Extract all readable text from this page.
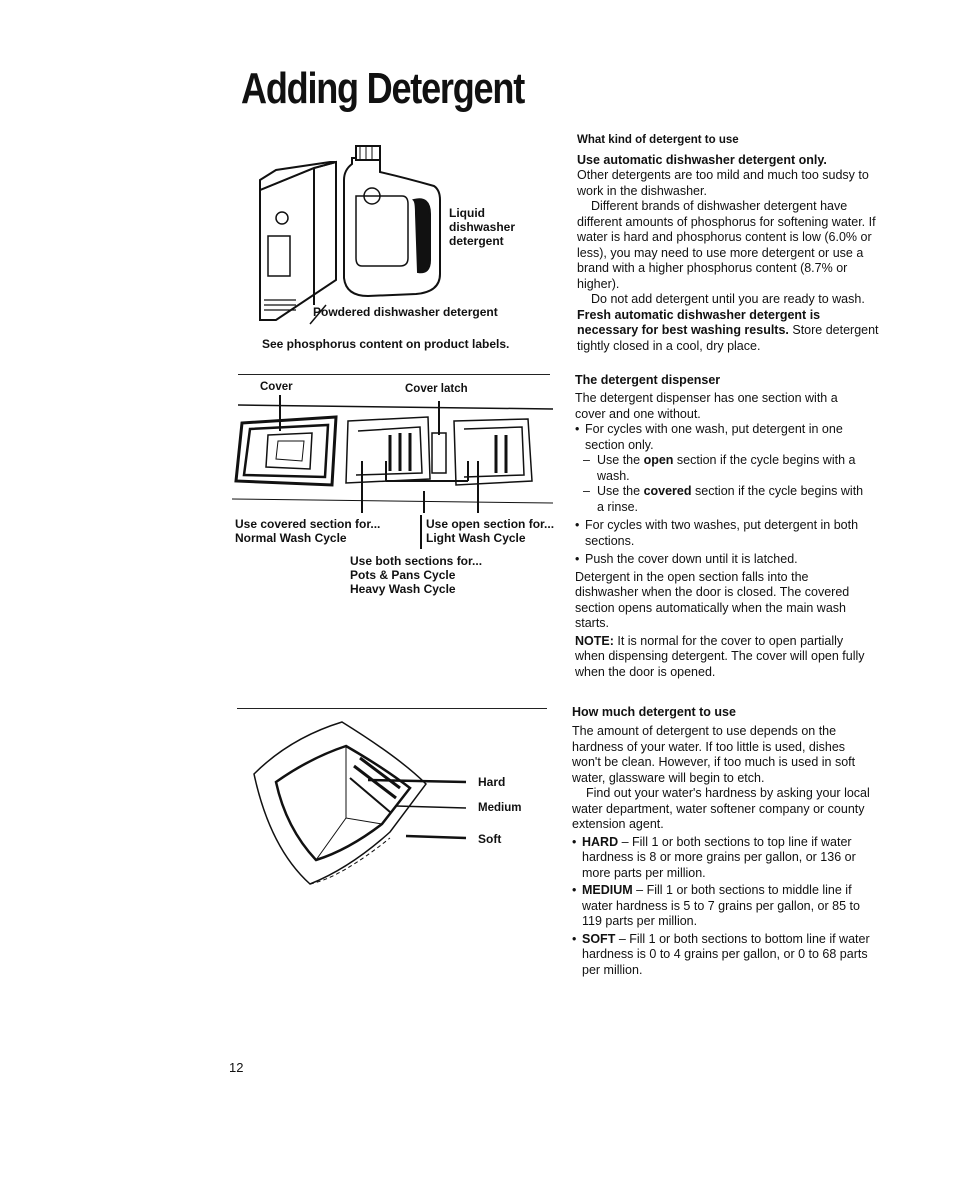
Adding Detergent
Liquid
dishwasher
detergent
Powdered dishwasher detergent
See phosphorus content on product labels.
Cover	Cover latch
Use covered section for...
Normal Wash Cycle
Use open section for...
Light Wash Cycle
Use both sections for...
Pots & Pans Cycle
Heavy Wash Cycle
Hard
Medium
Soft
What kind of detergent to use
Use automatic dishwasher detergent only.

Other detergents are too mild and much too sudsy to work in the dishwasher.

Different brands of dishwasher detergent have different amounts of phosphorus for softening water. If water is hard and phosphorus content is low (6.0% or less), you may need to use more detergent or use a brand with a higher phosphorus content (8.7% or higher).

Do not add detergent until you are ready to wash. Fresh automatic dishwasher detergent is necessary for best washing results. Store detergent tightly closed in a cool, dry place.

The detergent dispenser

The detergent dispenser has one section with a cover and one without.

• For cycles with one wash, put detergent in one section only.
– Use the open section if the cycle begins with a wash.
– Use the covered section if the cycle begins with a rinse.
• For cycles with two washes, put detergent in both sections.
• Push the cover down until it is latched.

Detergent in the open section falls into the dishwasher when the door is closed. The covered section opens automatically when the main wash starts.

NOTE: It is normal for the cover to open partially when dispensing detergent. The cover will open fully when the door is opened.

How much detergent to use

The amount of detergent to use depends on the hardness of your water. If too little is used, dishes won't be clean. However, if too much is used in soft water, glassware will begin to etch.

Find out your water's hardness by asking your local water department, water softener company or county extension agent.

• HARD – Fill 1 or both sections to top line if water hardness is 8 or more grains per gallon, or 136 or more parts per million.
• MEDIUM – Fill 1 or both sections to middle line if water hardness is 5 to 7 grains per gallon, or 85 to 119 parts per million.
• SOFT – Fill 1 or both sections to bottom line if water hardness is 0 to 4 grains per gallon, or 0 to 68 parts per million.
12
